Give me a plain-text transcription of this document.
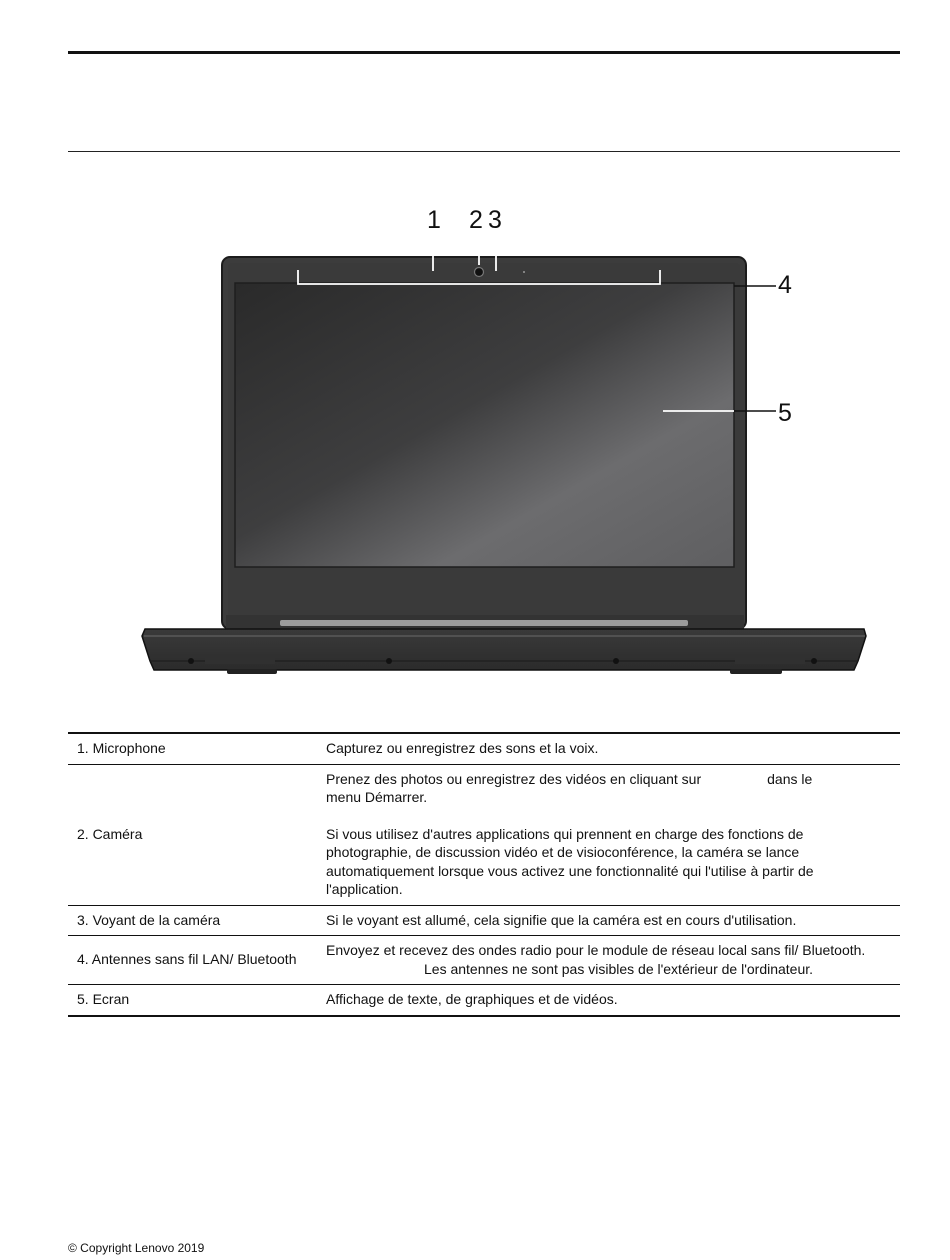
1 2 3
4
5
1. Microphone	Capturez ou enregistrez des sons et la voix.
2. Caméra	Prenez des photos ou enregistrez des vidéos en cliquant sur dans le
menu Démarrer.
Si vous utilisez d'autres applications qui prennent en charge des fonctions de photographie, de discussion vidéo et de visioconférence, la caméra se lance automatiquement lorsque vous activez une fonctionnalité qui l'utilise à partir de l'application.
3. Voyant de la caméra	Si le voyant est allumé, cela signifie que la caméra est en cours d'utilisation.
4. Antennes sans fil LAN/ Bluetooth	Envoyez et recevez des ondes radio pour le module de réseau local sans fil/ Bluetooth.
Les antennes ne sont pas visibles de l'extérieur de l'ordinateur.

5. Ecran	Affichage de texte, de graphiques et de vidéos.
© Copyright Lenovo 2019
